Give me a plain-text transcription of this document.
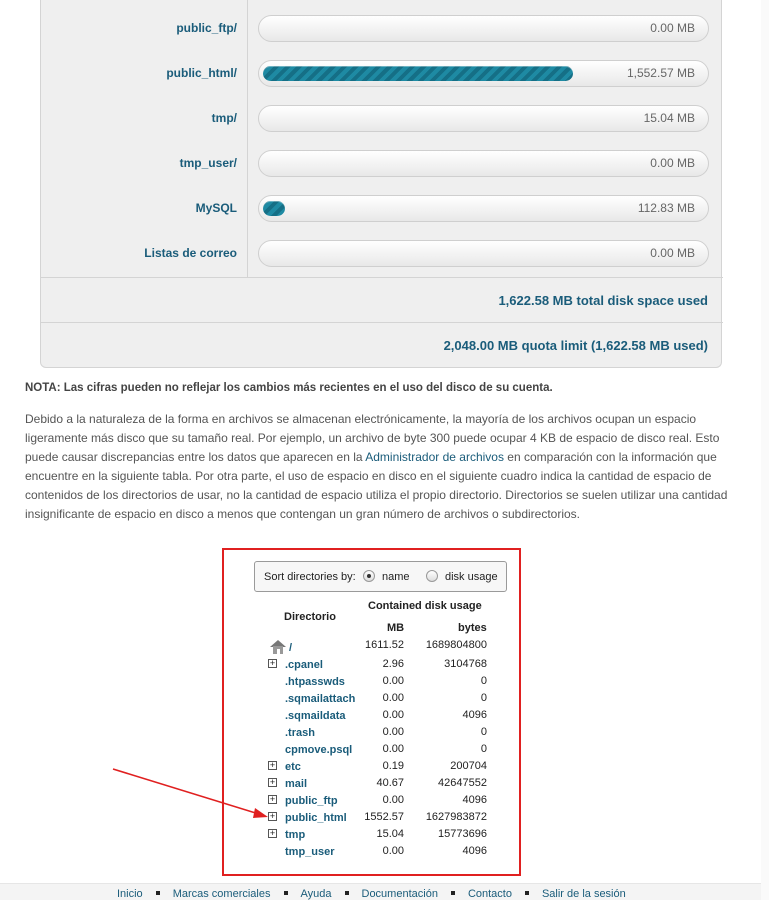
public_ftp/	0.00 MB
public_html/	1,552.57 MB
tmp/	15.04 MB
tmp_user/	0.00 MB
MySQL	112.83 MB
Listas de correo	0.00 MB
1,622.58 MB total disk space used
2,048.00 MB quota limit (1,622.58 MB used)
NOTA: Las cifras pueden no reflejar los cambios más recientes en el uso del disco de su cuenta.
Debido a la naturaleza de la forma en archivos se almacenan electrónicamente, la mayoría de los archivos ocupan un espacio ligeramente más disco que su tamaño real. Por ejemplo, un archivo de byte 300 puede ocupar 4 KB de espacio de disco real. Esto puede causar discrepancias entre los datos que aparecen en la Administrador de archivos en comparación con la información que encuentre en la siguiente tabla. Por otra parte, el uso de espacio en disco en el siguiente cuadro indica la cantidad de espacio de contenidos de los directorios de usar, no la cantidad de espacio utiliza el propio directorio. Directorios se suelen utilizar una cantidad insignificante de espacio en disco a menos que contengan un gran número de archivos o subdirectorios.
Sort directories by: name	disk usage
Directorio
Contained disk usage
MB	bytes
/	1611.52 1689804800
+ .cpanel	2.96	3104768
.htpasswds	0.00	0
.sqmailattach 0.00	0
.sqmaildata	0.00	4096
.trash	0.00	0
cpmove.psql	0.00	0
+ etc	0.19	200704
+ mail	40.67	42647552
+ public_ftp	0.00	4096
+ public_html 1552.57 1627983872
+ tmp	15.04	15773696
tmp_user	0.00	4096
Inicio	Marcas comerciales	Ayuda	Documentación	Contacto	Salir de la sesión
